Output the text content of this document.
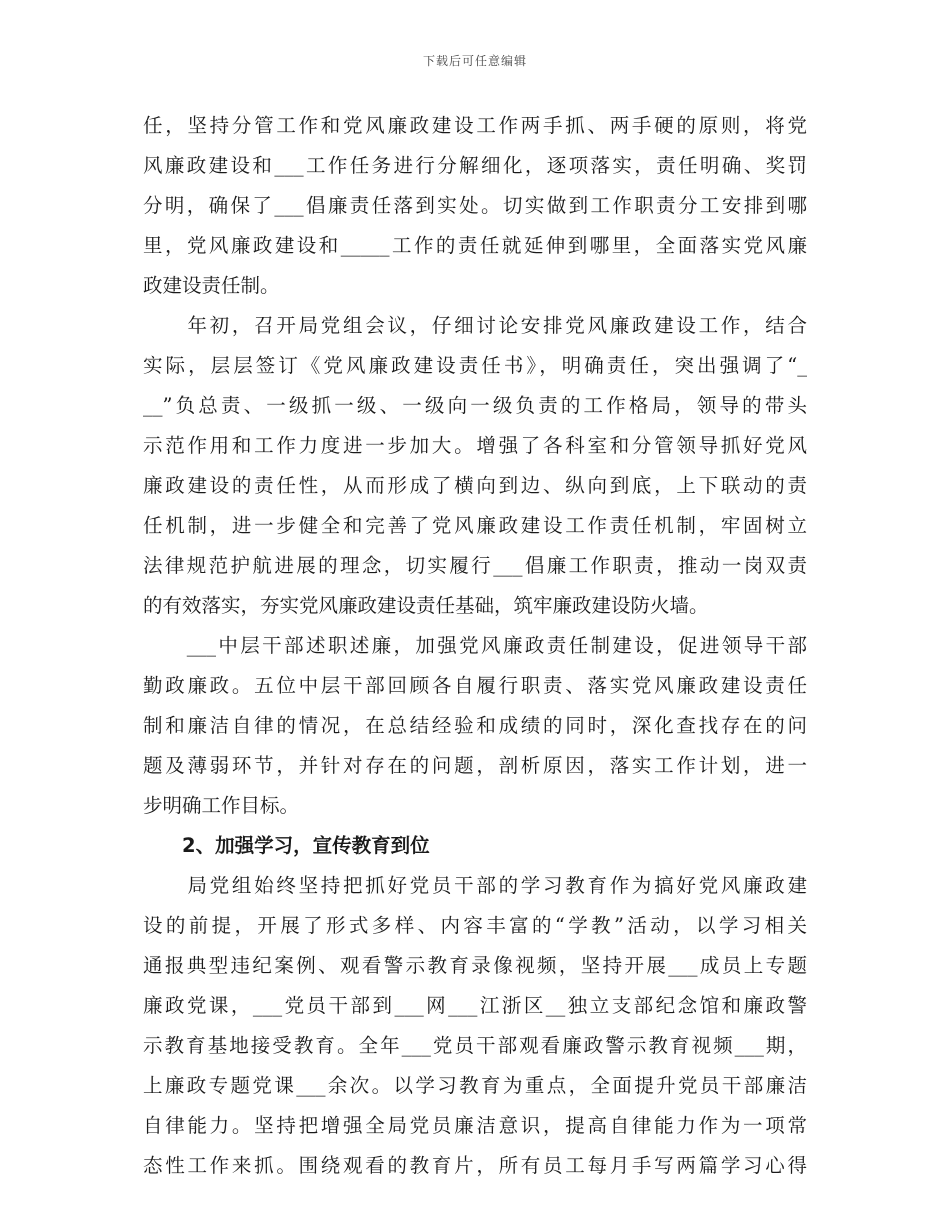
下载后可任意编辑
任，坚持分管工作和党风廉政建设工作两手抓、两手硬的原则，将党
风廉政建设和___工作任务进行分解细化，逐项落实，责任明确、奖罚
分明，确保了___倡廉责任落到实处。切实做到工作职责分工安排到哪
里，党风廉政建设和_____工作的责任就延伸到哪里，全面落实党风廉
政建设责任制。
　　年初，召开局党组会议，仔细讨论安排党风廉政建设工作，结合
实际，层层签订《党风廉政建设责任书》，明确责任，突出强调了“_
__”负总责、一级抓一级、一级向一级负责的工作格局，领导的带头
示范作用和工作力度进一步加大。增强了各科室和分管领导抓好党风
廉政建设的责任性，从而形成了横向到边、纵向到底，上下联动的责
任机制，进一步健全和完善了党风廉政建设工作责任机制，牢固树立
法律规范护航进展的理念，切实履行___倡廉工作职责，推动一岗双责
的有效落实，夯实党风廉政建设责任基础，筑牢廉政建设防火墙。
　　___中层干部述职述廉，加强党风廉政责任制建设，促进领导干部
勤政廉政。五位中层干部回顾各自履行职责、落实党风廉政建设责任
制和廉洁自律的情况，在总结经验和成绩的同时，深化查找存在的问
题及薄弱环节，并针对存在的问题，剖析原因，落实工作计划，进一
步明确工作目标。
　　2、加强学习，宣传教育到位
　　局党组始终坚持把抓好党员干部的学习教育作为搞好党风廉政建
设的前提，开展了形式多样、内容丰富的“学教”活动，以学习相关
通报典型违纪案例、观看警示教育录像视频，坚持开展___成员上专题
廉政党课，___党员干部到___网___江浙区__独立支部纪念馆和廉政警
示教育基地接受教育。全年___党员干部观看廉政警示教育视频___期，
上廉政专题党课___余次。以学习教育为重点，全面提升党员干部廉洁
自律能力。坚持把增强全局党员廉洁意识，提高自律能力作为一项常
态性工作来抓。围绕观看的教育片，所有员工每月手写两篇学习心得
